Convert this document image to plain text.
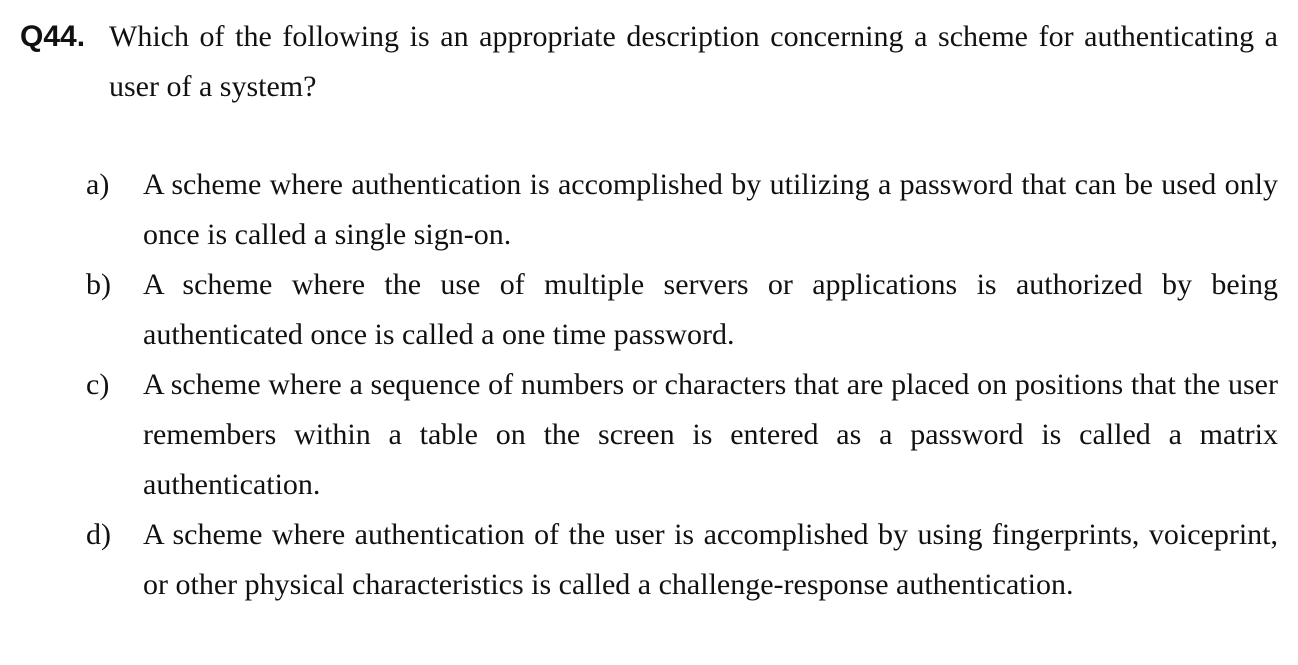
Q44. Which of the following is an appropriate description concerning a scheme for authenticating a user of a system?
a)	A scheme where authentication is accomplished by utilizing a password that can be used only once is called a single sign-on.
b)	A scheme where the use of multiple servers or applications is authorized by being authenticated once is called a one time password.
c)	A scheme where a sequence of numbers or characters that are placed on positions that the user remembers within a table on the screen is entered as a password is called a matrix authentication.
d)	A scheme where authentication of the user is accomplished by using fingerprints, voiceprint, or other physical characteristics is called a challenge-response authentication.
